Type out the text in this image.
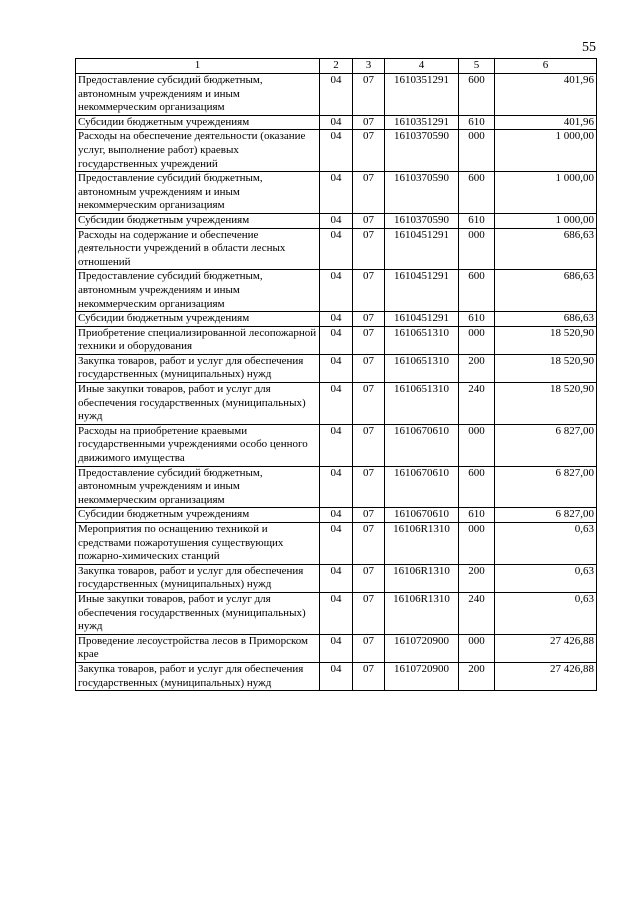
55
1	2	3	4	5	6
Предоставление субсидий бюджетным, автономным учреждениям и иным некоммерческим организациям	04	07	1610351291	600	401,96
Субсидии бюджетным учреждениям	04	07	1610351291	610	401,96
Расходы на обеспечение деятельности (оказание услуг, выполнение работ) краевых государственных учреждений	04	07	1610370590	000	1 000,00
Предоставление субсидий бюджетным, автономным учреждениям и иным некоммерческим организациям	04	07	1610370590	600	1 000,00
Субсидии бюджетным учреждениям	04	07	1610370590	610	1 000,00
Расходы на содержание и обеспечение деятельности учреждений в области лесных отношений	04	07	1610451291	000	686,63
Предоставление субсидий бюджетным, автономным учреждениям и иным некоммерческим организациям	04	07	1610451291	600	686,63
Субсидии бюджетным учреждениям	04	07	1610451291	610	686,63
Приобретение специализированной лесопожарной техники и оборудования	04	07	1610651310	000	18 520,90
Закупка товаров, работ и услуг для обеспечения государственных (муниципальных) нужд	04	07	1610651310	200	18 520,90
Иные закупки товаров, работ и услуг для обеспечения государственных (муниципальных) нужд	04	07	1610651310	240	18 520,90
Расходы на приобретение краевыми государственными учреждениями особо ценного движимого имущества	04	07	1610670610	000	6 827,00
Предоставление субсидий бюджетным, автономным учреждениям и иным некоммерческим организациям	04	07	1610670610	600	6 827,00
Субсидии бюджетным учреждениям	04	07	1610670610	610	6 827,00
Мероприятия по оснащению техникой и средствами пожаротушения существующих пожарно-химических станций	04	07	16106R1310	000	0,63
Закупка товаров, работ и услуг для обеспечения государственных (муниципальных) нужд	04	07	16106R1310	200	0,63
Иные закупки товаров, работ и услуг для обеспечения государственных (муниципальных) нужд	04	07	16106R1310	240	0,63
Проведение лесоустройства лесов в Приморском крае	04	07	1610720900	000	27 426,88
Закупка товаров, работ и услуг для обеспечения государственных (муниципальных) нужд	04	07	1610720900	200	27 426,88
